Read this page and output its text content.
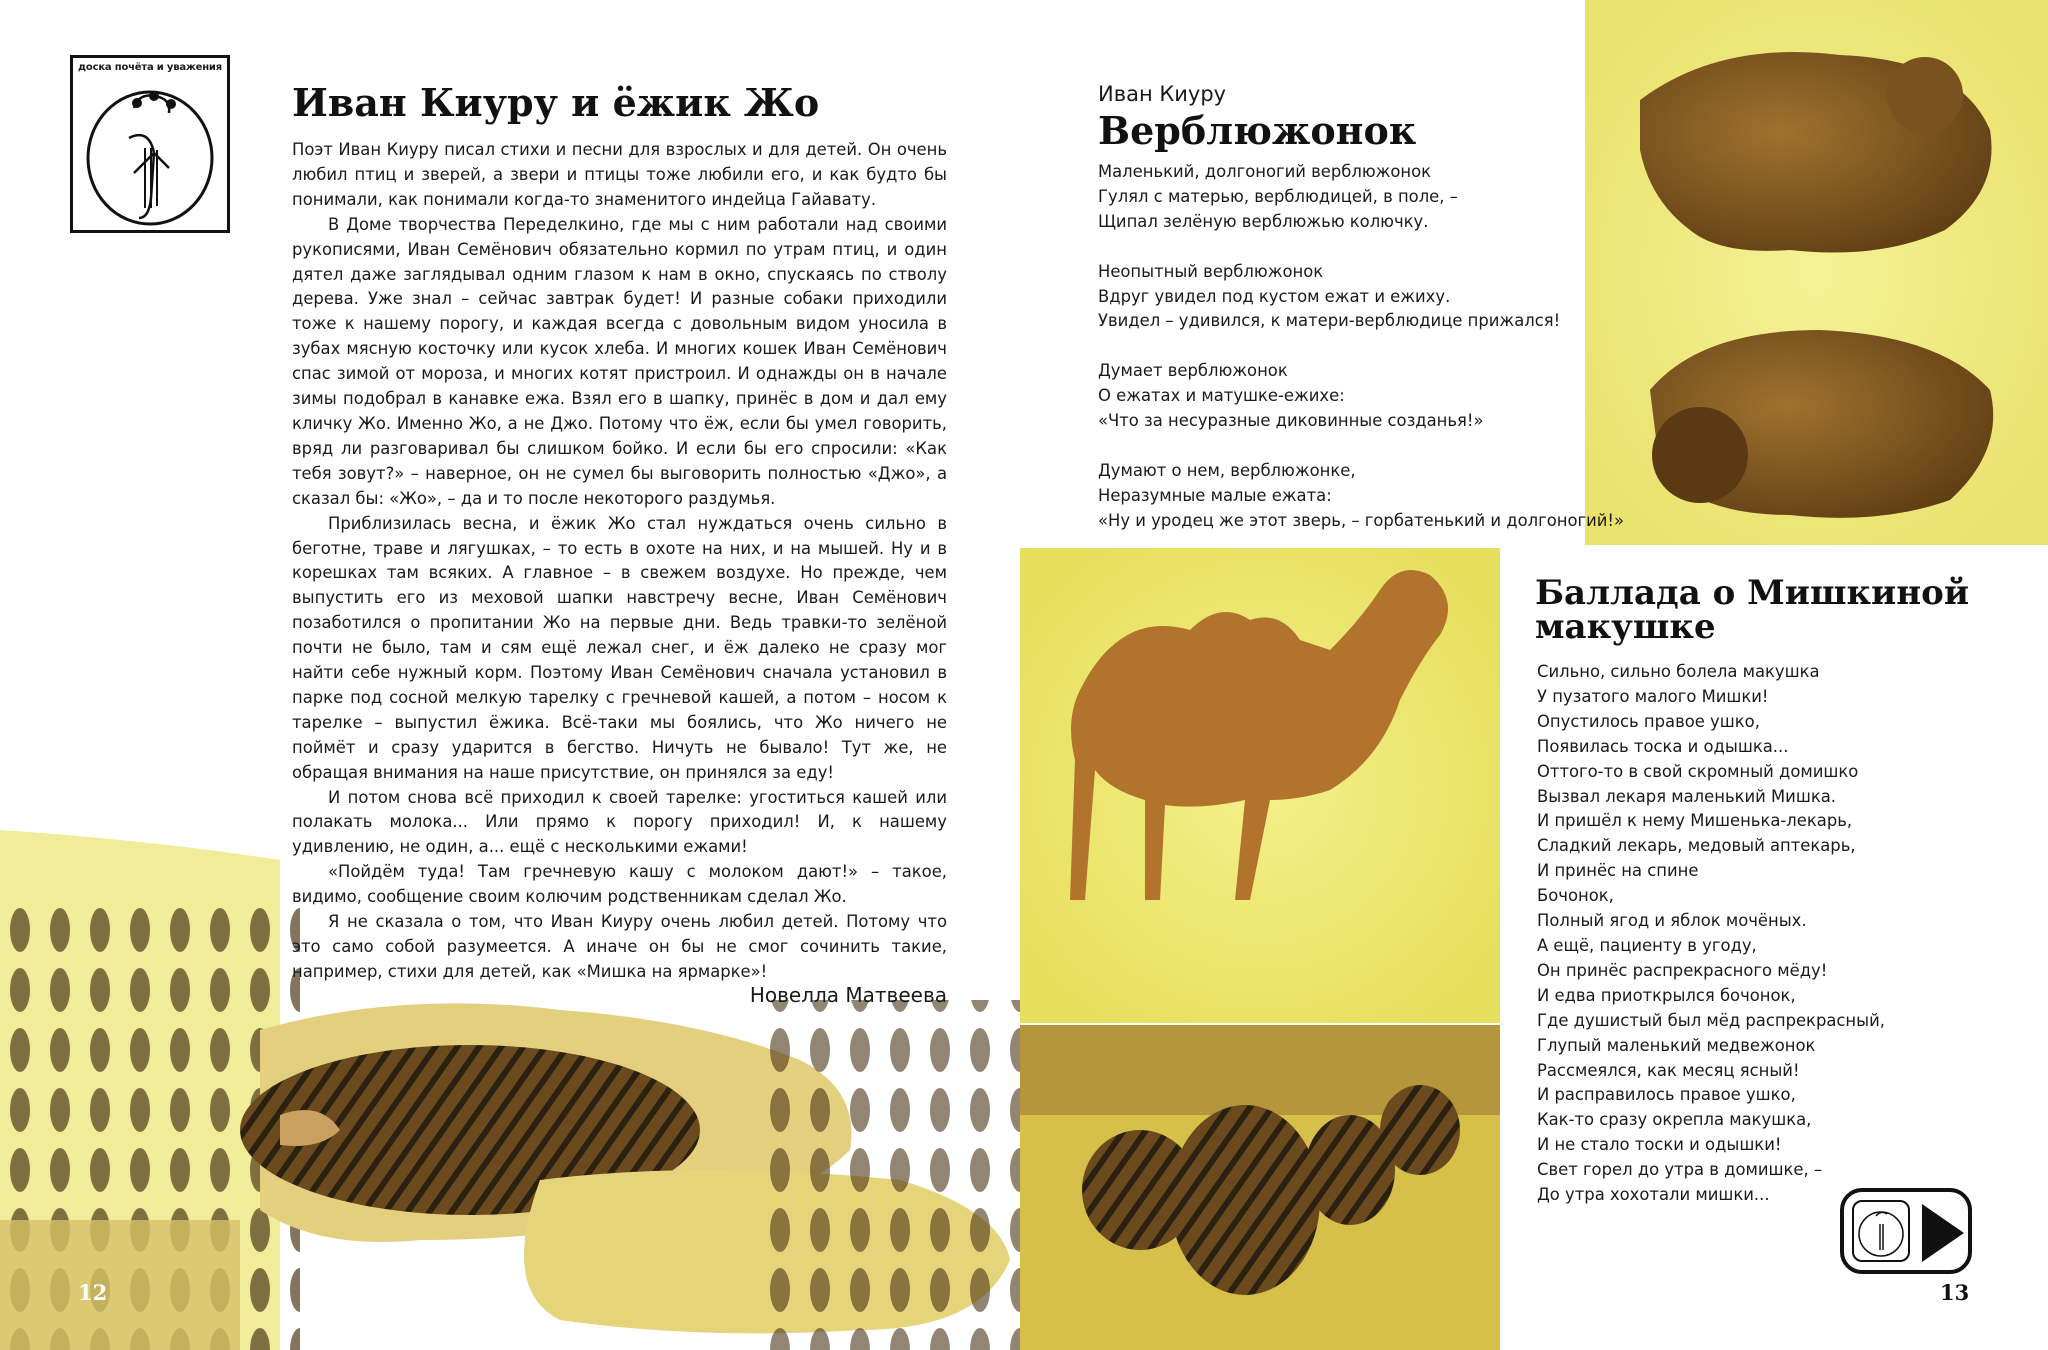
доска почёта и уважения
Иван Киуру и ёжик Жо

Поэт Иван Киуру писал стихи и песни для взрослых и для детей. Он очень любил птиц и зверей, а звери и птицы тоже любили его, и как будто бы понимали, как понимали когда-то знаменитого индейца Гайавату.

В Доме творчества Переделкино, где мы с ним работали над своими рукописями, Иван Семёнович обязательно кормил по утрам птиц, и один дятел даже заглядывал одним глазом к нам в окно, спускаясь по стволу дерева. Уже знал – сейчас завтрак будет! И разные собаки приходили тоже к нашему порогу, и каждая всегда с довольным видом уносила в зубах мясную косточку или кусок хлеба. И многих кошек Иван Семёнович спас зимой от мороза, и многих котят пристроил. И однажды он в начале зимы подобрал в канавке ежа. Взял его в шапку, принёс в дом и дал ему кличку Жо. Именно Жо, а не Джо. Потому что ёж, если бы умел говорить, вряд ли разговаривал бы слишком бойко. И если бы его спросили: «Как тебя зовут?» – наверное, он не сумел бы выговорить полностью «Джо», а сказал бы: «Жо», – да и то после некоторого раздумья.

Приблизилась весна, и ёжик Жо стал нуждаться очень сильно в беготне, траве и лягушках, – то есть в охоте на них, и на мышей. Ну и в корешках там всяких. А главное – в свежем воздухе. Но прежде, чем выпустить его из меховой шапки навстречу весне, Иван Семёнович позаботился о пропитании Жо на первые дни. Ведь травки-то зелёной почти не было, там и сям ещё лежал снег, и ёж далеко не сразу мог найти себе нужный корм. Поэтому Иван Семёнович сначала установил в парке под сосной мелкую тарелку с гречневой кашей, а потом – носом к тарелке – выпустил ёжика. Всё-таки мы боялись, что Жо ничего не поймёт и сразу ударится в бегство. Ничуть не бывало! Тут же, не обращая внимания на наше присутствие, он принялся за еду!

И потом снова всё приходил к своей тарелке: угоститься кашей или полакать молока... Или прямо к порогу приходил! И, к нашему удивлению, не один, а... ещё с несколькими ежами!

«Пойдём туда! Там гречневую кашу с молоком дают!» – такое, видимо, сообщение своим колючим родственникам сделал Жо.

Я не сказала о том, что Иван Киуру очень любил детей. Потому что это само собой разумеется. А иначе он бы не смог сочинить такие, например, стихи для детей, как «Мишка на ярмарке»!

Новелла Матвеева
Иван Киуру
Верблюжонок
Маленький, долгоногий верблюжонок
Гулял с матерью, верблюдицей, в поле, –
Щипал зелёную верблюжью колючку.
Неопытный верблюжонок
Вдруг увидел под кустом ежат и ежиху.
Увидел – удивился, к матери-верблюдице прижался!
Думает верблюжонок
О ежатах и матушке-ежихе:
«Что за несуразные диковинные созданья!»
Думают о нем, верблюжонке,
Неразумные малые ежата:
«Ну и уродец же этот зверь, – горбатенький и долгоногий!»
Баллада о Мишкиной
макушке
Сильно, сильно болела макушка
У пузатого малого Мишки!
Опустилось правое ушко,
Появилась тоска и одышка...
Оттого-то в свой скромный домишко
Вызвал лекаря маленький Мишка.
И пришёл к нему Мишенька-лекарь,
Сладкий лекарь, медовый аптекарь,
И принёс на спине
Бочонок,
Полный ягод и яблок мочёных.
А ещё, пациенту в угоду,
Он принёс распрекрасного мёду!
И едва приоткрылся бочонок,
Где душистый был мёд распрекрасный,
Глупый маленький медвежонок
Рассмеялся, как месяц ясный!
И расправилось правое ушко,
Как-то сразу окрепла макушка,
И не стало тоски и одышки!
Свет горел до утра в домишке, –
До утра хохотали мишки...
12	13
